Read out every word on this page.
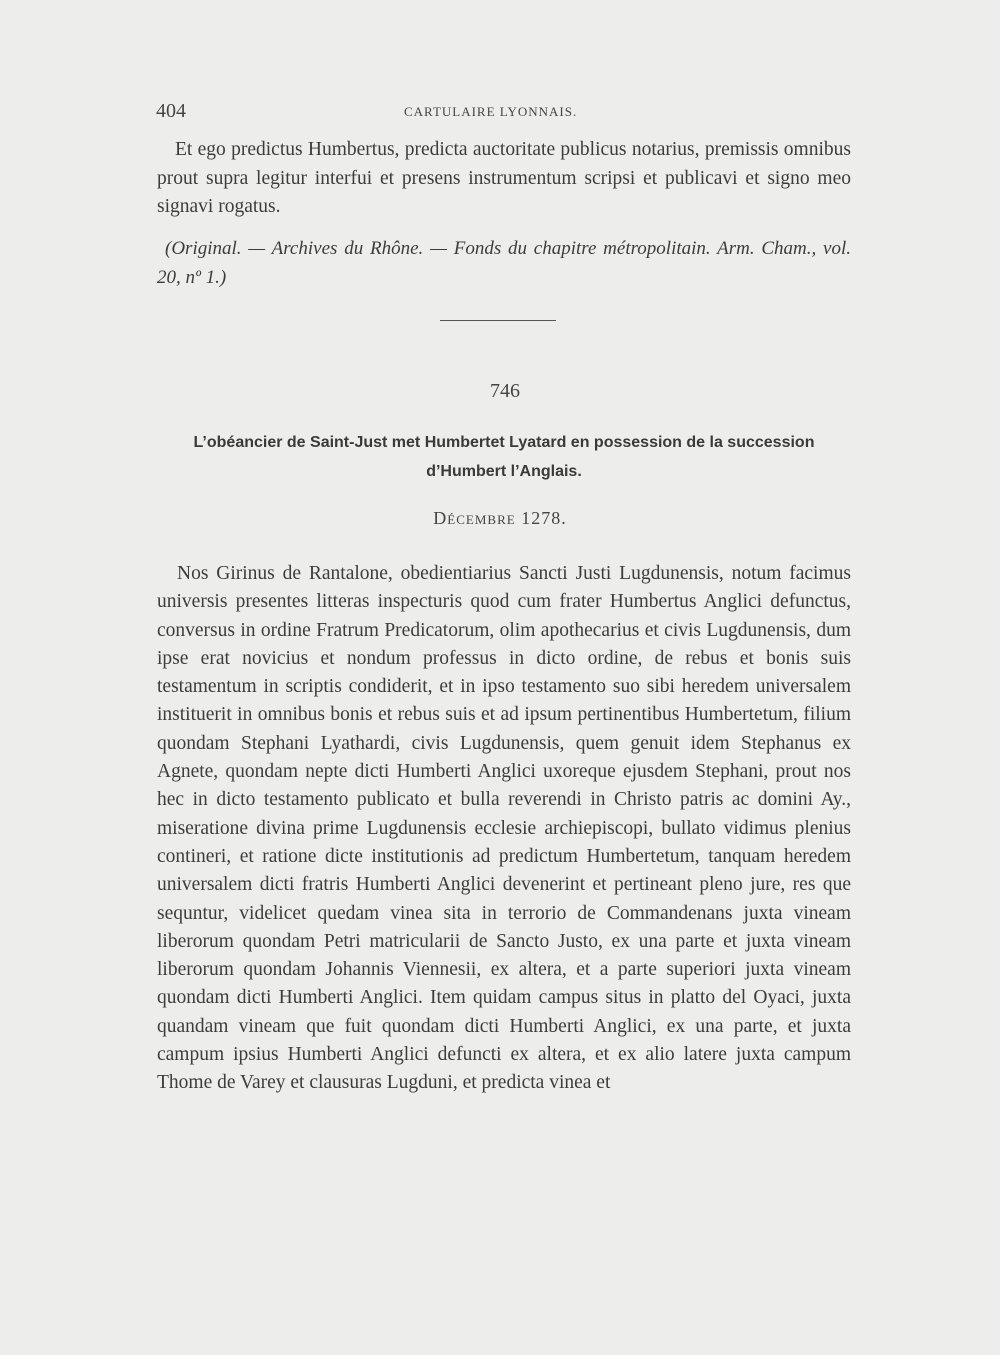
404	CARTULAIRE LYONNAIS.

Et ego predictus Humbertus, predicta auctoritate publicus notarius, premissis omnibus prout supra legitur interfui et presens instrumentum scripsi et publicavi et signo meo signavi rogatus.

(Original. — Archives du Rhône. — Fonds du chapitre métropolitain. Arm. Cham., vol. 20, nº 1.)
746
L’obéancier de Saint-Just met Humbertet Lyatard en possession de la succession d’Humbert l’Anglais.
Décembre 1278.

Nos Girinus de Rantalone, obedientiarius Sancti Justi Lugdunensis, notum facimus universis presentes litteras inspecturis quod cum frater Humbertus Anglici defunctus, conversus in ordine Fratrum Predicatorum, olim apothecarius et civis Lugdunensis, dum ipse erat novicius et nondum professus in dicto ordine, de rebus et bonis suis testamentum in scriptis condiderit, et in ipso testamento suo sibi heredem universalem instituerit in omnibus bonis et rebus suis et ad ipsum pertinentibus Humbertetum, filium quondam Stephani Lyathardi, civis Lugdunensis, quem genuit idem Stephanus ex Agnete, quondam nepte dicti Humberti Anglici uxoreque ejusdem Stephani, prout nos hec in dicto testamento publicato et bulla reverendi in Christo patris ac domini Ay., miseratione divina prime Lugdunensis ecclesie archiepiscopi, bullato vidimus plenius contineri, et ratione dicte institutionis ad predictum Humbertetum, tanquam heredem universalem dicti fratris Humberti Anglici devenerint et pertineant pleno jure, res que sequntur, videlicet quedam vinea sita in terrorio de Commandenans juxta vineam liberorum quondam Petri matricularii de Sancto Justo, ex una parte et juxta vineam liberorum quondam Johannis Viennesii, ex altera, et a parte superiori juxta vineam quondam dicti Humberti Anglici. Item quidam campus situs in platto del Oyaci, juxta quandam vineam que fuit quondam dicti Humberti Anglici, ex una parte, et juxta campum ipsius Humberti Anglici defuncti ex altera, et ex alio latere juxta campum Thome de Varey et clausuras Lugduni, et predicta vinea et
